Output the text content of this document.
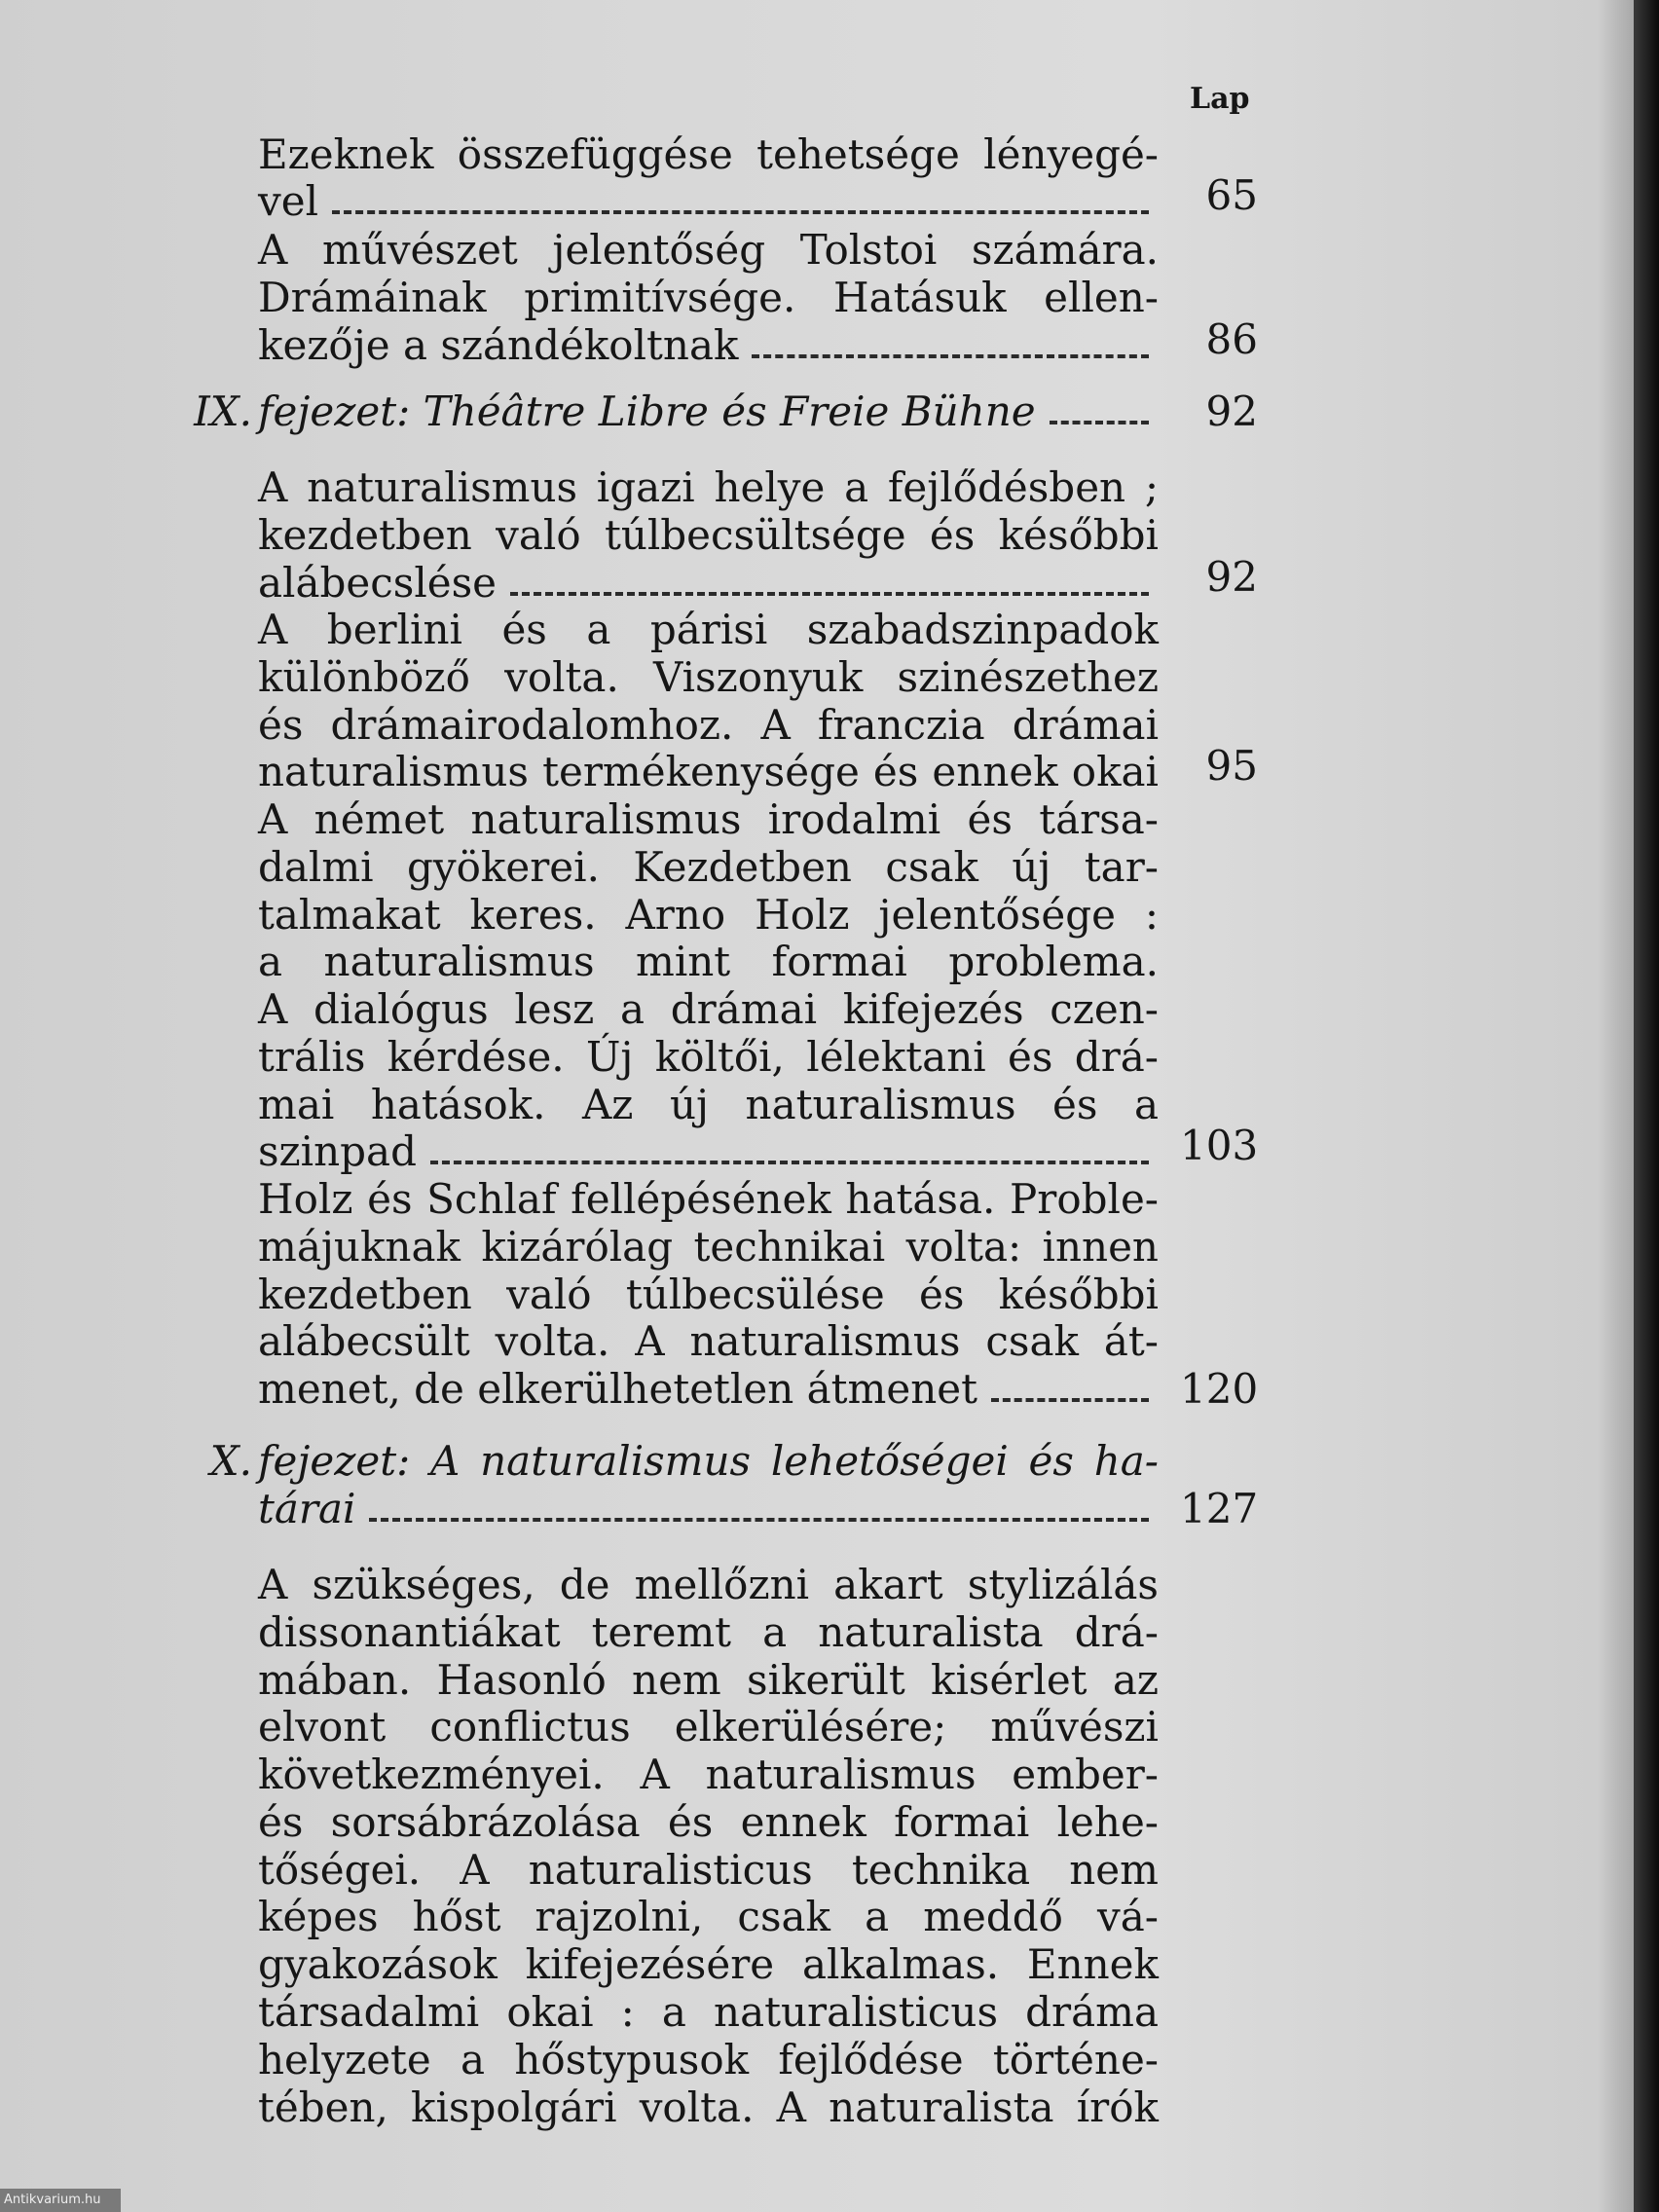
Lap
Ezeknek összefüggése tehetsége lényegé-
vel	65
A művészet jelentőség Tolstoi számára.
Drámáinak primitívsége. Hatásuk ellen-
kezője a szándékoltnak	86
IX. fejezet: Théâtre Libre és Freie Bühne	92
A naturalismus igazi helye a fejlődésben ;
kezdetben való túlbecsültsége és későbbi
alábecslése	92
A berlini és a párisi szabadszinpadok
különböző volta. Viszonyuk szinészethez
és drámairodalomhoz. A franczia drámai
naturalismus termékenysége és ennek okai	95
A német naturalismus irodalmi és társa-
dalmi gyökerei. Kezdetben csak új tar-
talmakat keres. Arno Holz jelentősége :
a naturalismus mint formai problema.
A dialógus lesz a drámai kifejezés czen-
trális kérdése. Új költői, lélektani és drá-
mai hatások. Az új naturalismus és a
szinpad	103
Holz és Schlaf fellépésének hatása. Proble-
májuknak kizárólag technikai volta: innen
kezdetben való túlbecsülése és későbbi
alábecsült volta. A naturalismus csak át-
menet, de elkerülhetetlen átmenet	120
X. fejezet: A naturalismus lehetőségei és ha-
tárai	127
A szükséges, de mellőzni akart stylizálás
dissonantiákat teremt a naturalista drá-
mában. Hasonló nem sikerült kisérlet az
elvont conflictus elkerülésére; művészi
következményei. A naturalismus ember-
és sorsábrázolása és ennek formai lehe-
tőségei. A naturalisticus technika nem
képes hőst rajzolni, csak a meddő vá-
gyakozások kifejezésére alkalmas. Ennek
társadalmi okai : a naturalisticus dráma
helyzete a hőstypusok fejlődése történe-
tében, kispolgári volta. A naturalista írók
Antikvarium.hu
